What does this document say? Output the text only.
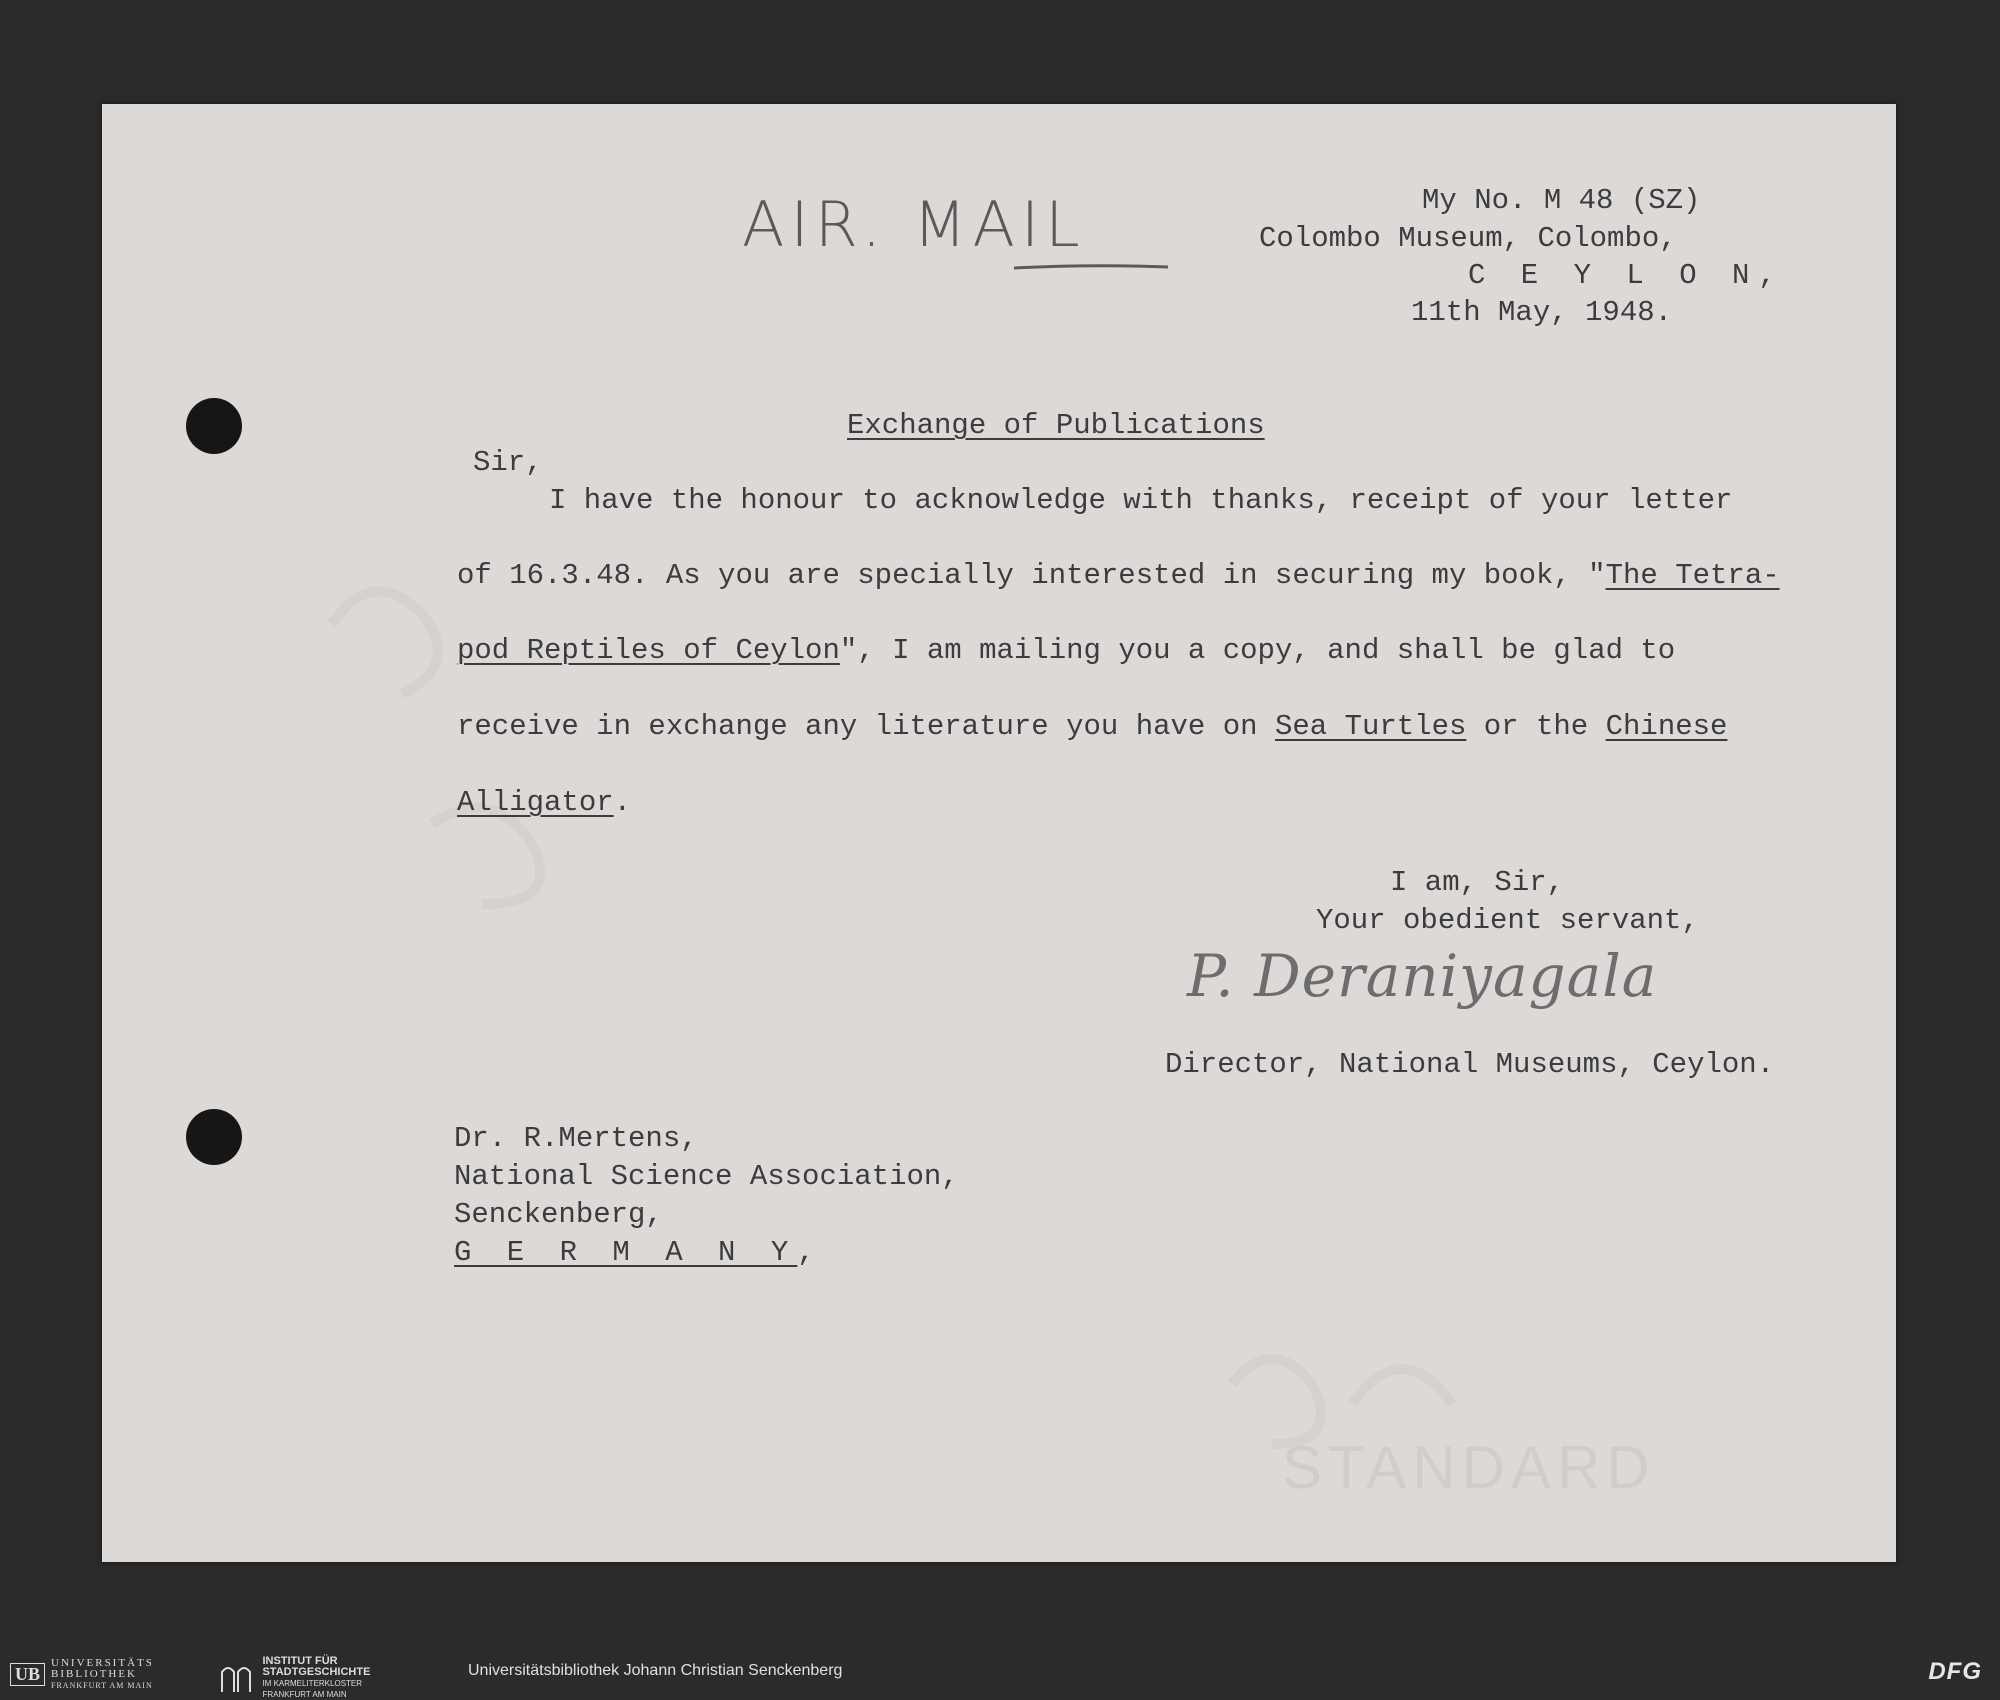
STANDARD
AIR. MAIL	My No. M 48 (SZ)
Colombo Museum, Colombo,
C E Y L O N,
11th May, 1948.
Exchange of Publications
Sir,
I have the honour to acknowledge with thanks, receipt of your letter
of 16.3.48. As you are specially interested in securing my book, "The Tetra-
pod Reptiles of Ceylon", I am mailing you a copy, and shall be glad to
receive in exchange any literature you have on Sea Turtles or the Chinese
Alligator.
I am, Sir,
Your obedient servant,
P. Deraniyagala
Director, National Museums, Ceylon.
Dr. R.Mertens,
National Science Association,
Senckenberg,
G E R M A N Y,
UBUNIVERSITÄTS
BIBLIOTHEK
FRANKFURT AM MAIN
INSTITUT FÜR
STADTGESCHICHTE
IM KARMELITERKLOSTER
FRANKFURT AM MAIN
Universitätsbibliothek Johann Christian Senckenberg	DFG
